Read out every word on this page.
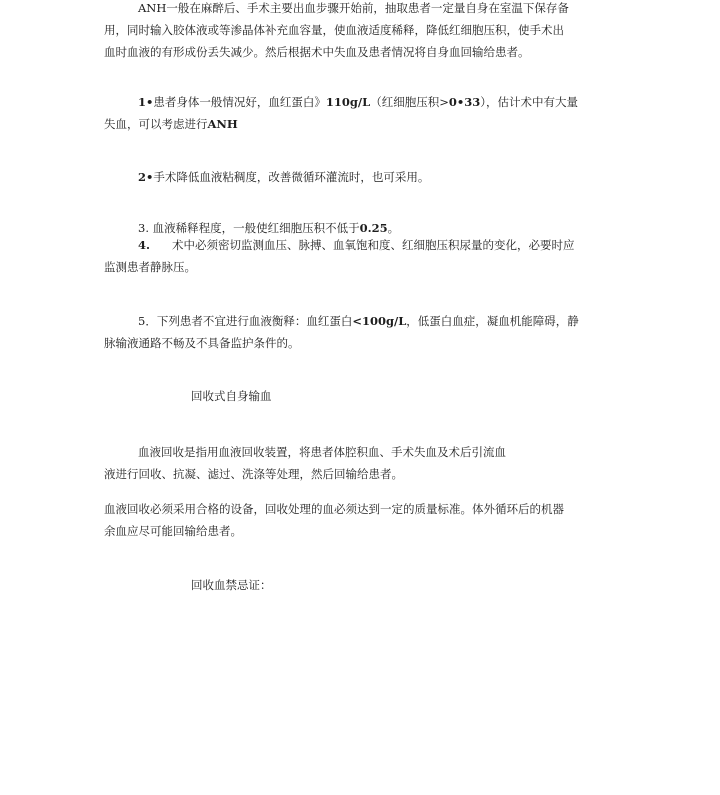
ANH一般在麻醉后、手术主要出血步骤开始前，抽取患者一定量自身在室温下保存备
用，同时输入胶体液或等渗晶体补充血容量，使血液适度稀释，降低红细胞压积，使手术出
血时血液的有形成份丢失减少。然后根据术中失血及患者情况将自身血回输给患者。
1•患者身体一般情况好，血红蛋白》110g/L（红细胞压积>0•33），估计术中有大量
失血，可以考虑进行ANH
2•手术降低血液粘稠度，改善微循环灌流时，也可采用。
3. 血液稀释程度，一般使红细胞压积不低于0.25。
4. 术中必须密切监测血压、脉搏、血氧饱和度、红细胞压积尿量的变化，必要时应
监测患者静脉压。
5．下列患者不宜进行血液衡释：血红蛋白<100g/L，低蛋白血症，凝血机能障碍，静
脉输液通路不畅及不具备监护条件的。
回收式自身输血
血液回收是指用血液回收装置，将患者体腔积血、手术失血及术后引流血
液进行回收、抗凝、滤过、洗涤等处理，然后回输给患者。
血液回收必须采用合格的设备，回收处理的血必须达到一定的质量标准。体外循环后的机器
余血应尽可能回输给患者。
回收血禁忌证：
